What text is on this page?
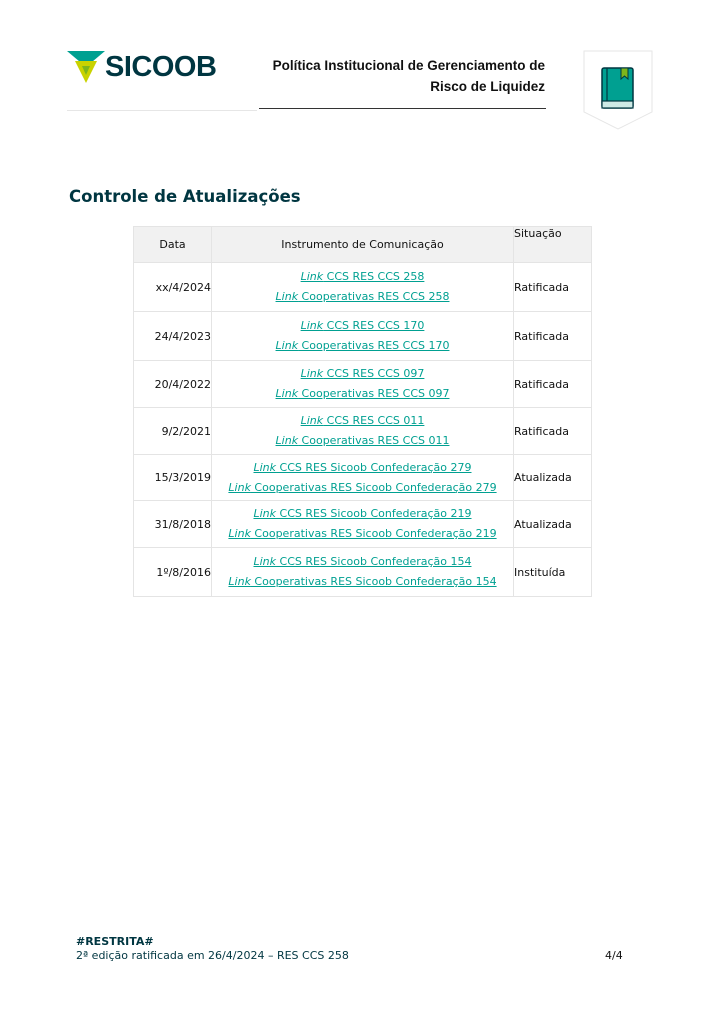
SICOOB	Política Institucional de Gerenciamento de
Risco de Liquidez
Controle de Atualizações
Data	Instrumento de Comunicação	Situação
xx/4/2024	Link CCS RES CCS 258
Link Cooperativas RES CCS 258	Ratificada
24/4/2023	Link CCS RES CCS 170
Link Cooperativas RES CCS 170	Ratificada
20/4/2022	Link CCS RES CCS 097
Link Cooperativas RES CCS 097	Ratificada
9/2/2021	Link CCS RES CCS 011
Link Cooperativas RES CCS 011	Ratificada
15/3/2019	Link CCS RES Sicoob Confederação 279
Link Cooperativas RES Sicoob Confederação 279	Atualizada
31/8/2018	Link CCS RES Sicoob Confederação 219
Link Cooperativas RES Sicoob Confederação 219	Atualizada
1º/8/2016	Link CCS RES Sicoob Confederação 154
Link Cooperativas RES Sicoob Confederação 154	Instituída
#RESTRITA#
2ª edição ratificada em 26/4/2024 – RES CCS 258	4/4
